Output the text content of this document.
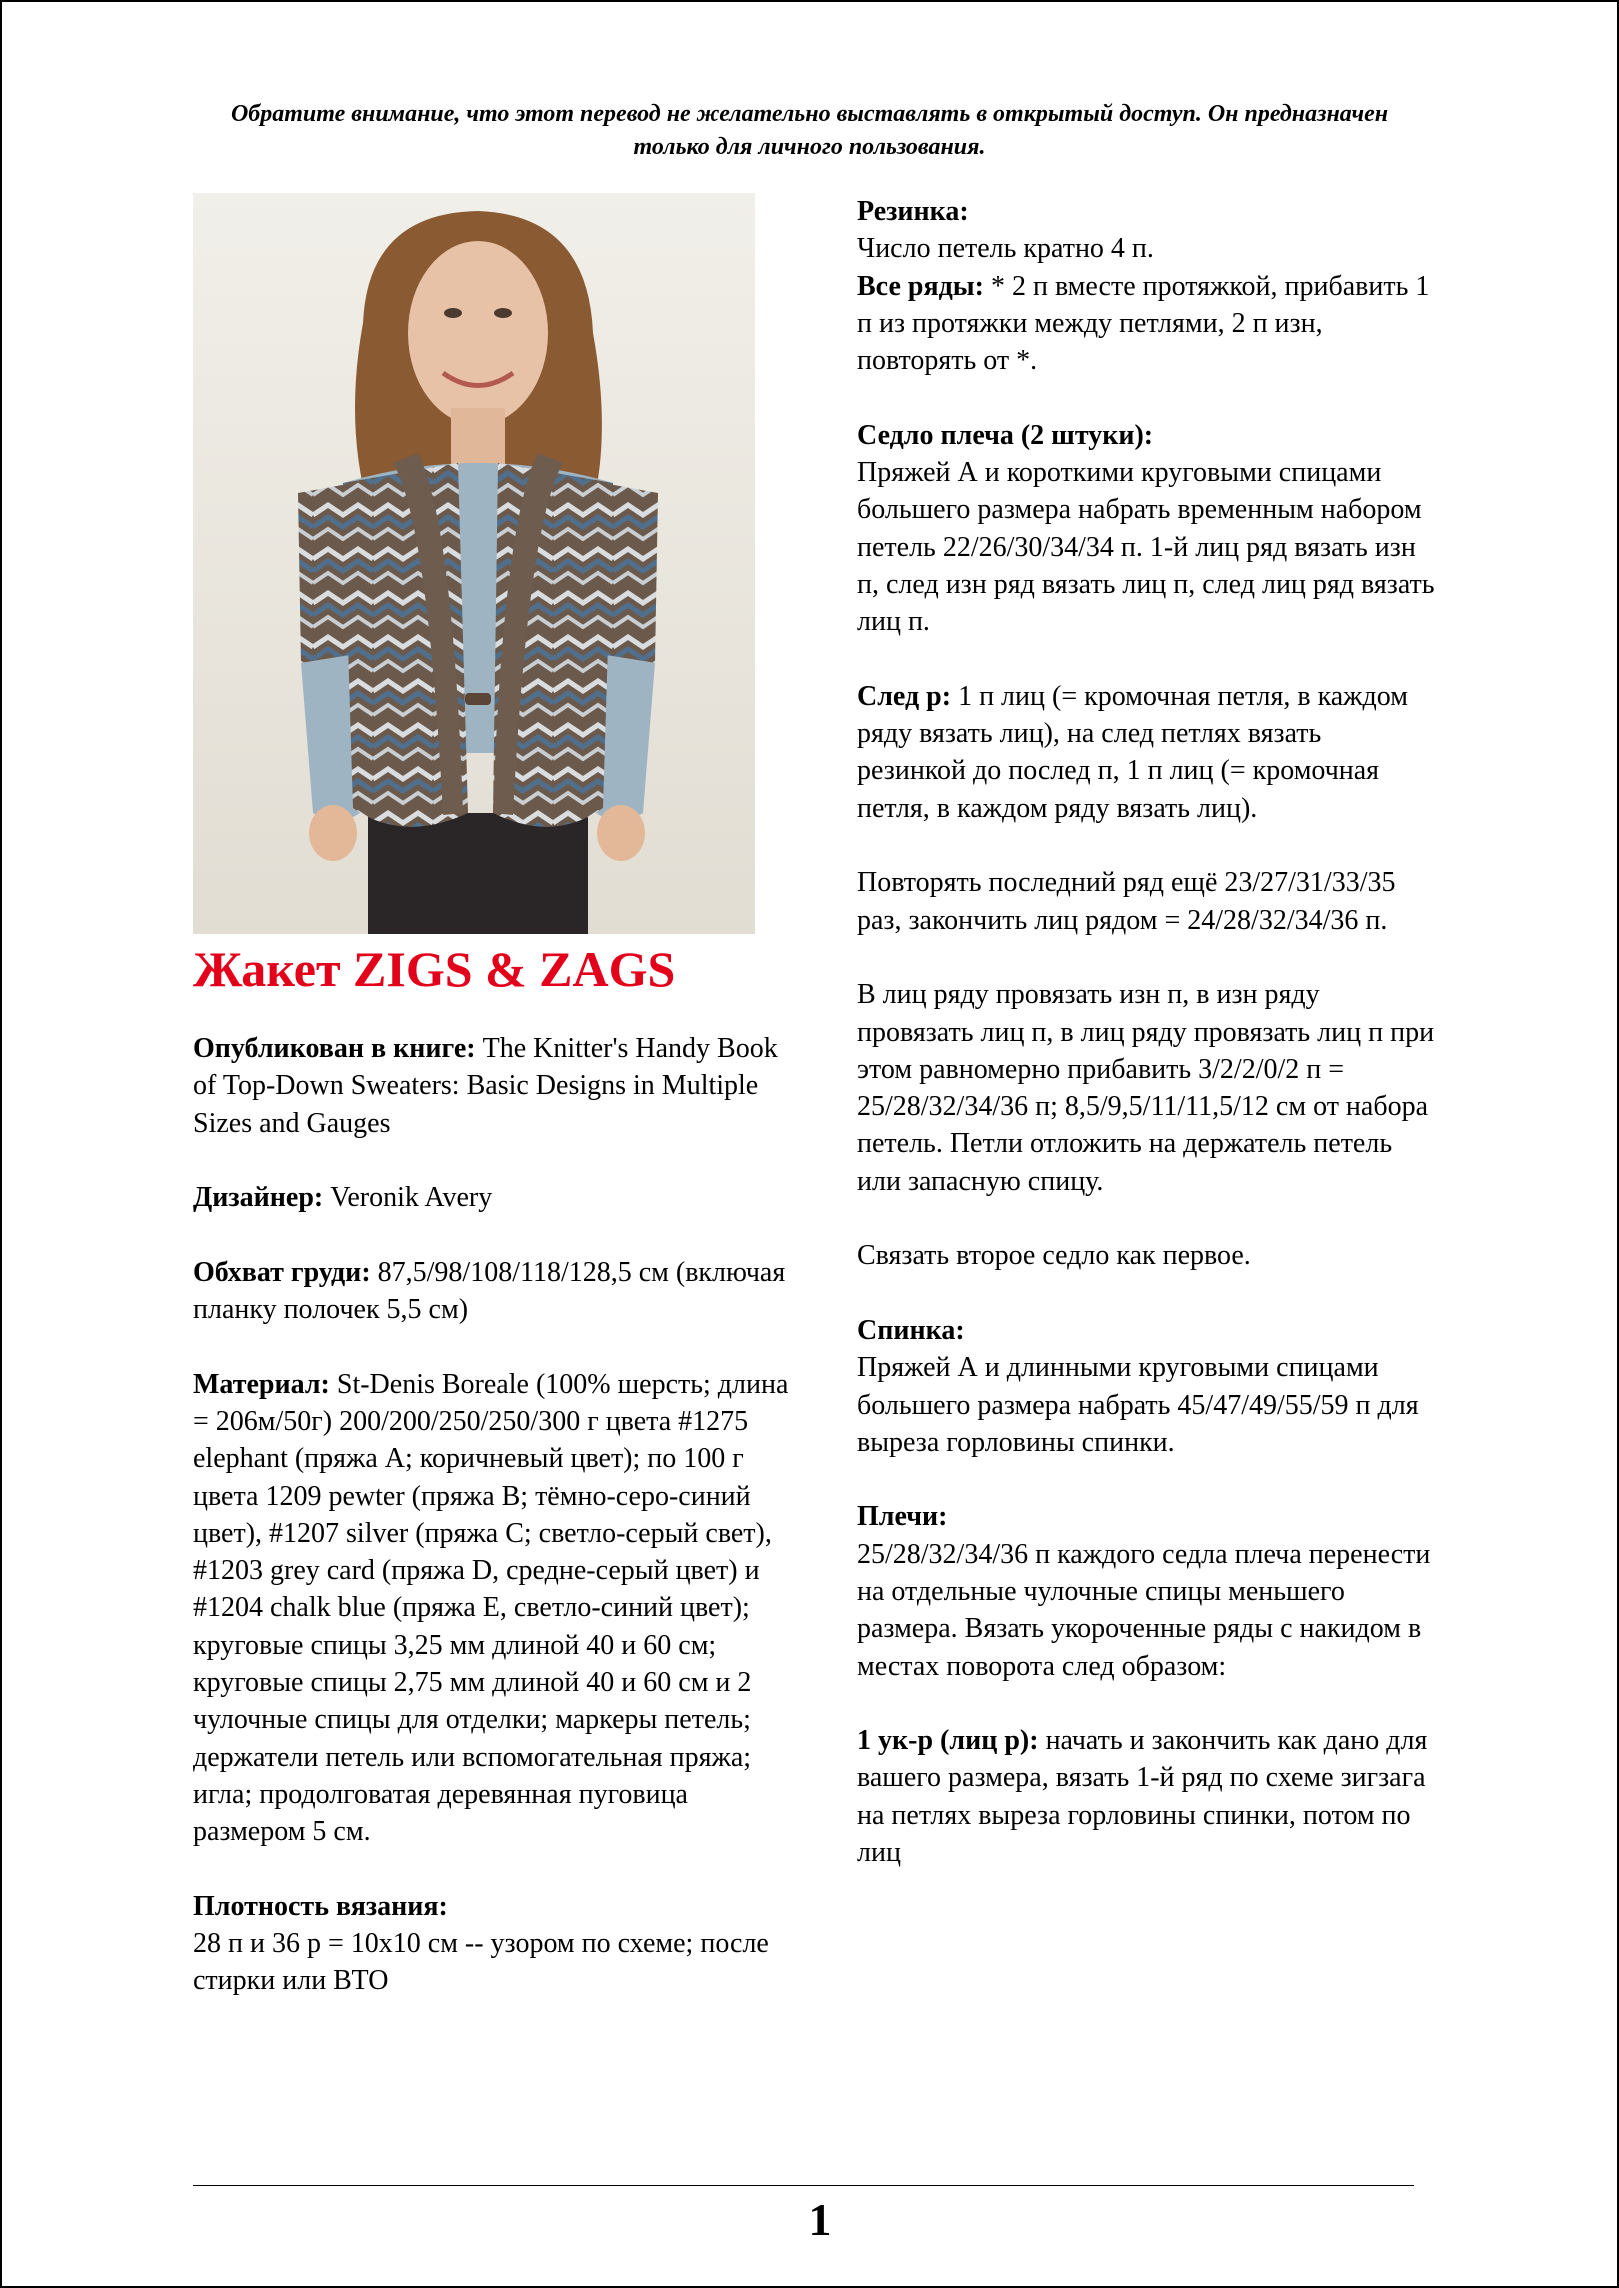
Обратите внимание, что этот перевод не желательно выставлять в открытый доступ. Он предназначен только для личного пользования.
Жакет ZIGS & ZAGS

Опубликован в книге: The Knitter's Handy Book of Top-Down Sweaters: Basic Designs in Multiple Sizes and Gauges

Дизайнер: Veronik Avery

Обхват груди: 87,5/98/108/118/128,5 см (включая планку полочек 5,5 см)

Материал: St-Denis Boreale (100% шерсть; длина = 206м/50г) 200/200/250/250/300 г цвета #1275 elephant (пряжа А; коричневый цвет); по 100 г цвета 1209 pewter (пряжа В; тёмно-серо-синий цвет), #1207 silver (пряжа С; светло-серый свет), #1203 grey card (пряжа D, средне-серый цвет) и #1204 chalk blue (пряжа Е, светло-синий цвет); круговые спицы 3,25 мм длиной 40 и 60 см; круговые спицы 2,75 мм длиной 40 и 60 см и 2 чулочные спицы для отделки; маркеры петель; держатели петель или вспомогательная пряжа; игла; продолговатая деревянная пуговица размером 5 см.

Плотность вязания:

28 п и 36 р = 10х10 см -- узором по схеме; после стирки или ВТО

Резинка:

Число петель кратно 4 п.

Все ряды: * 2 п вместе протяжкой, прибавить 1 п из протяжки между петлями, 2 п изн, повторять от *.

Седло плеча (2 штуки):

Пряжей А и короткими круговыми спицами большего размера набрать временным набором петель 22/26/30/34/34 п. 1-й лиц ряд вязать изн п, след изн ряд вязать лиц п, след лиц ряд вязать лиц п.

След р: 1 п лиц (= кромочная петля, в каждом ряду вязать лиц), на след петлях вязать резинкой до послед п, 1 п лиц (= кромочная петля, в каждом ряду вязать лиц).

Повторять последний ряд ещё 23/27/31/33/35 раз, закончить лиц рядом = 24/28/32/34/36 п.

В лиц ряду провязать изн п, в изн ряду провязать лиц п, в лиц ряду провязать лиц п при этом равномерно прибавить 3/2/2/0/2 п = 25/28/32/34/36 п; 8,5/9,5/11/11,5/12 см от набора петель. Петли отложить на держатель петель или запасную спицу.

Связать второе седло как первое.

Спинка:

Пряжей А и длинными круговыми спицами большего размера набрать 45/47/49/55/59 п для выреза горловины спинки.

Плечи:

25/28/32/34/36 п каждого седла плеча перенести на отдельные чулочные спицы меньшего размера. Вязать укороченные ряды с накидом в местах поворота след образом:

1 ук-р (лиц р): начать и закончить как дано для вашего размера, вязать 1-й ряд по схеме зигзага на петлях выреза горловины спинки, потом по лиц

1
